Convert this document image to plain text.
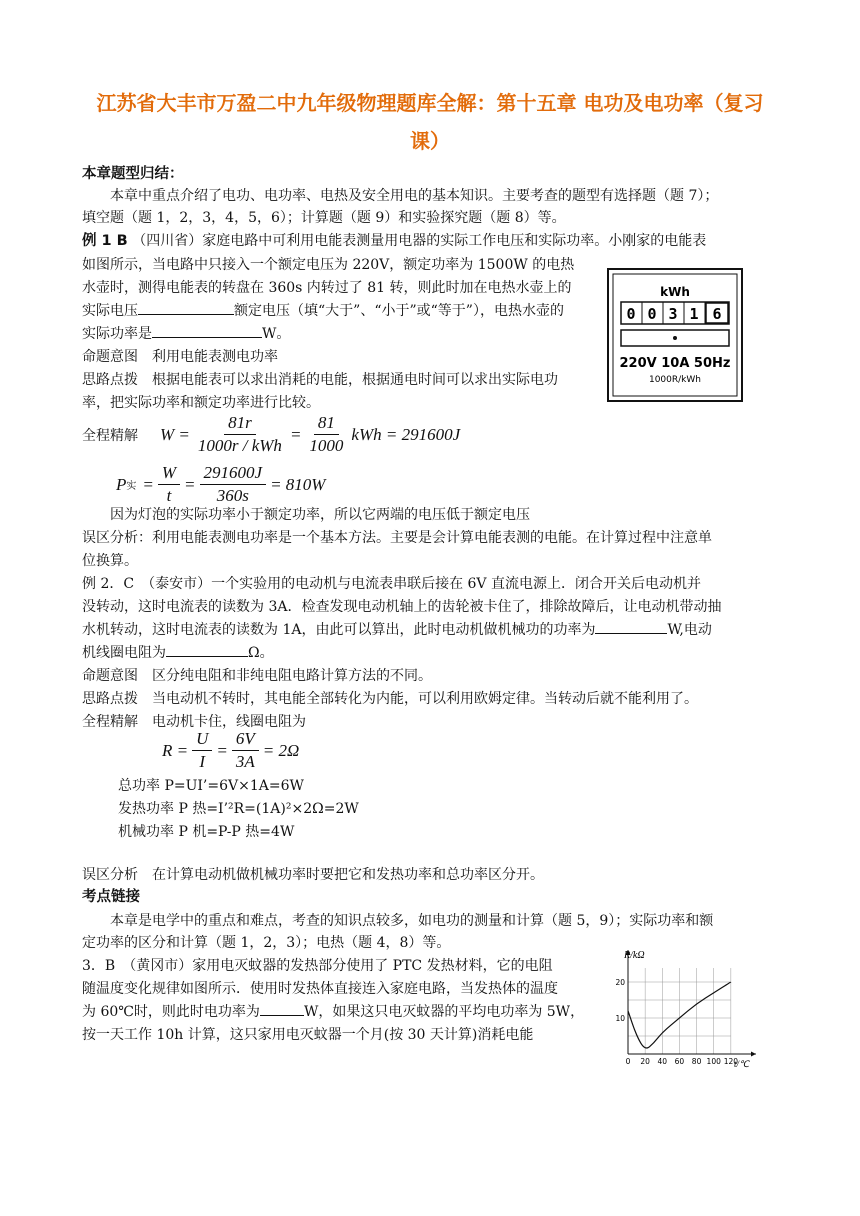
江苏省大丰市万盈二中九年级物理题库全解：第十五章 电功及电功率（复习
课）
本章题型归结：
本章中重点介绍了电功、电功率、电热及安全用电的基本知识。主要考查的题型有选择题（题 7）；
填空题（题 1，2，3，4，5，6）；计算题（题 9）和实验探究题（题 8）等。
例 1 B （四川省）家庭电路中可利用电能表测量用电器的实际工作电压和实际功率。小刚家的电能表
如图所示，当电路中只接入一个额定电压为 220V，额定功率为 1500W 的电热
水壶时，测得电能表的转盘在 360s 内转过了 81 转，则此时加在电热水壶上的
实际电压	额定电压（填“大于”、“小于”或“等于”），电热水壶的
实际功率是	W。
命题意图　利用电能表测电功率
思路点拨　根据电能表可以求出消耗的电能，根据通电时间可以求出实际电功
率，把实际功率和额定功率进行比较。
kWh
0 0 3 1 6
220V 10A 50Hz
1000R/kWh
全程精解	$W = \frac{81r}{\text{1000r / kWh}} = \frac{81}{1000}$ kWh = 291600J
P 实 = $\frac{W}{t} = \frac{291600J}{360s} = 810W$
因为灯泡的实际功率小于额定功率，所以它两端的电压低于额定电压
误区分析：利用电能表测电功率是一个基本方法。主要是会计算电能表测的电能。在计算过程中注意单
位换算。
例 2．C　（泰安市）一个实验用的电动机与电流表串联后接在 6V 直流电源上．闭合开关后电动机并
没转动，这时电流表的读数为 3A．检查发现电动机轴上的齿轮被卡住了，排除故障后，让电动机带动抽
水机转动，这时电流表的读数为 1A，由此可以算出，此时电动机做机械功的功率为	W,电动
机线圈电阻为	Ω。
命题意图　区分纯电阻和非纯电阻电路计算方法的不同。
思路点拨　当电动机不转时，其电能全部转化为内能，可以利用欧姆定律。当转动后就不能利用了。
全程精解　电动机卡住，线圈电阻为
$R = \frac{U}{I} = \frac{6V}{3A} = 2\Omega$
总功率 P=UI’=6V×1A=6W
发热功率 P 热=I’²R=(1A)²×2Ω=2W
机械功率 P 机=P-P 热=4W
误区分析　在计算电动机做机械功率时要把它和发热功率和总功率区分开。
考点链接
本章是电学中的重点和难点，考查的知识点较多，如电功的测量和计算（题 5，9）；实际功率和额
定功率的区分和计算（题 1，2，3）；电热（题 4，8）等。
3．B　（黄冈市）家用电灭蚊器的发热部分使用了 PTC 发热材料，它的电阻
随温度变化规律如图所示．使用时发热体直接连入家庭电路，当发热体的温度
为 60℃时，则此时电功率为	W，如果这只电灭蚊器的平均电功率为 5W，
按一天工作 10h 计算，这只家用电灭蚊器一个月(按 30 天计算)消耗电能
0 20 40 60 80 100 120
10
20
R/kΩ
t/℃
